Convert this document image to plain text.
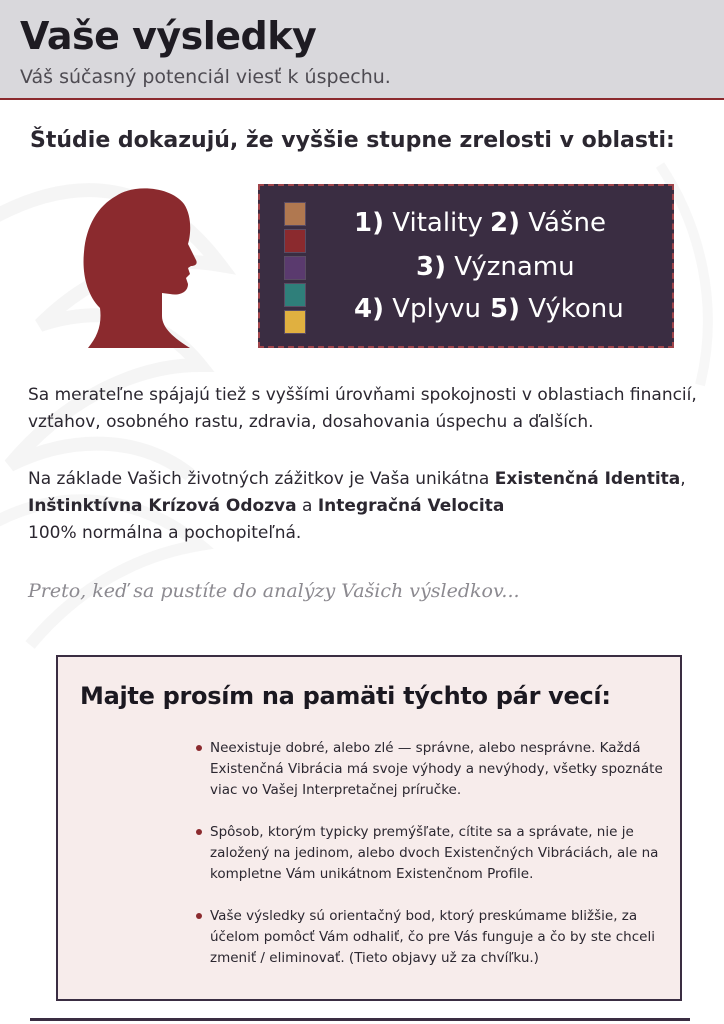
Vaše výsledky
Váš súčasný potenciál viesť k úspechu.
Štúdie dokazujú, že vyššie stupne zrelosti v oblasti:
1) Vitality 2) Vášne
3) Významu
4) Vplyvu 5) Výkonu
Sa merateľne spájajú tiež s vyššími úrovňami spokojnosti v oblastiach financií, vzťahov, osobného rastu, zdravia, dosahovania úspechu a ďalších.
Na základe Vašich životných zážitkov je Vaša unikátna Existenčná Identita,
Inštinktívna Krízová Odozva a Integračná Velocita
100% normálna a pochopiteľná.
Preto, keď sa pustíte do analýzy Vašich výsledkov...
Majte prosím na pamäti týchto pár vecí:
Neexistuje dobré, alebo zlé — správne, alebo nesprávne. Každá Existenčná Vibrácia má svoje výhody a nevýhody, všetky spoznáte viac vo Vašej Interpretačnej príručke.
Spôsob, ktorým typicky premýšľate, cítite sa a správate, nie je založený na jedinom, alebo dvoch Existenčných Vibráciách, ale na kompletne Vám unikátnom Existenčnom Profile.
Vaše výsledky sú orientačný bod, ktorý preskúmame bližšie, za účelom pomôcť Vám odhaliť, čo pre Vás funguje a čo by ste chceli zmeniť / eliminovať. (Tieto objavy už za chvíľku.)
